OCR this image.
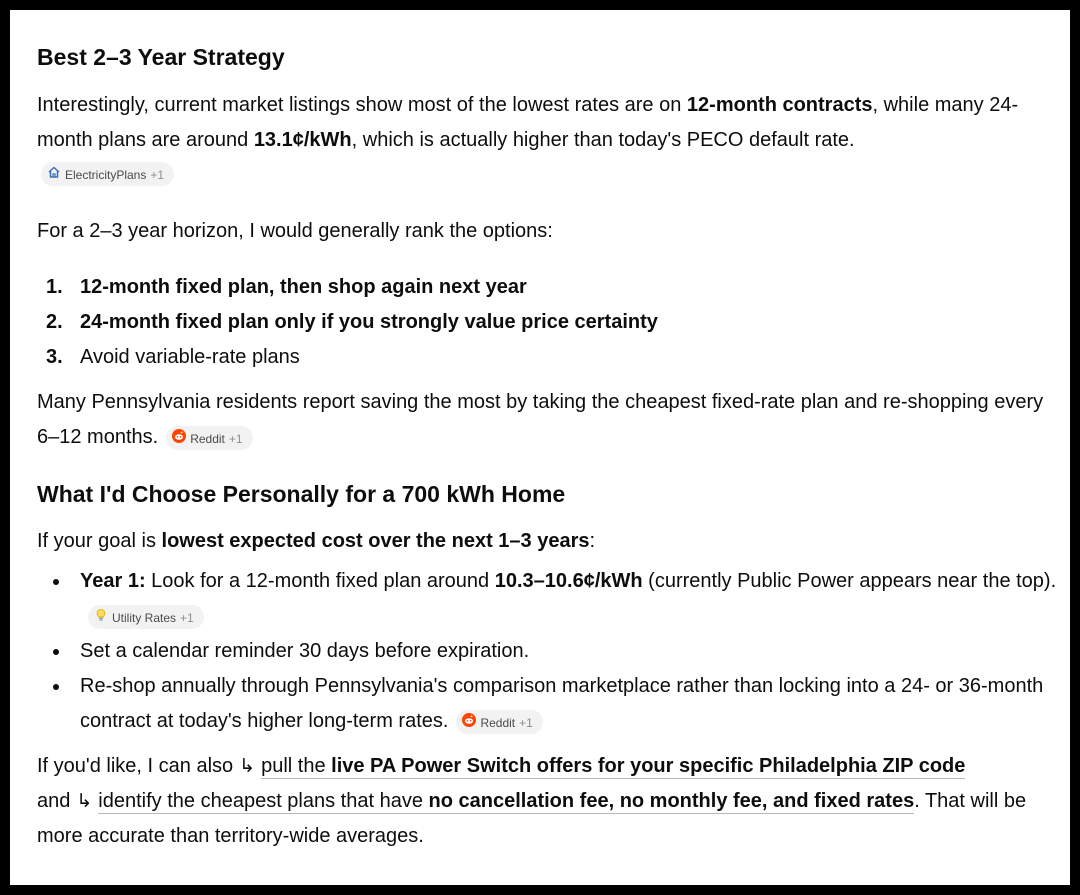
Best 2–3 Year Strategy

Interestingly, current market listings show most of the lowest rates are on 12-month contracts, while many 24-month plans are around 13.1¢/kWh, which is actually higher than today's PECO default rate.

ElectricityPlans +1

For a 2–3 year horizon, I would generally rank the options:

1. 12-month fixed plan, then shop again next year
2. 24-month fixed plan only if you strongly value price certainty
3. Avoid variable-rate plans

Many Pennsylvania residents report saving the most by taking the cheapest fixed-rate plan and re-shopping every 6–12 months.	Reddit +1

What I'd Choose Personally for a 700 kWh Home

If your goal is lowest expected cost over the next 1–3 years:

Year 1: Look for a 12-month fixed plan around 10.3–10.6¢/kWh (currently Public Power appears near the top).Utility Rates +1
Set a calendar reminder 30 days before expiration.
Re-shop annually through Pennsylvania's comparison marketplace rather than locking into a 24- or 36-month contract at today's higher long-term rates.	Reddit +1

If you'd like, I can also ↳ pull the live PA Power Switch offers for your specific Philadelphia ZIP code and ↳ identify the cheapest plans that have no cancellation fee, no monthly fee, and fixed rates. That will be more accurate than territory-wide averages.
